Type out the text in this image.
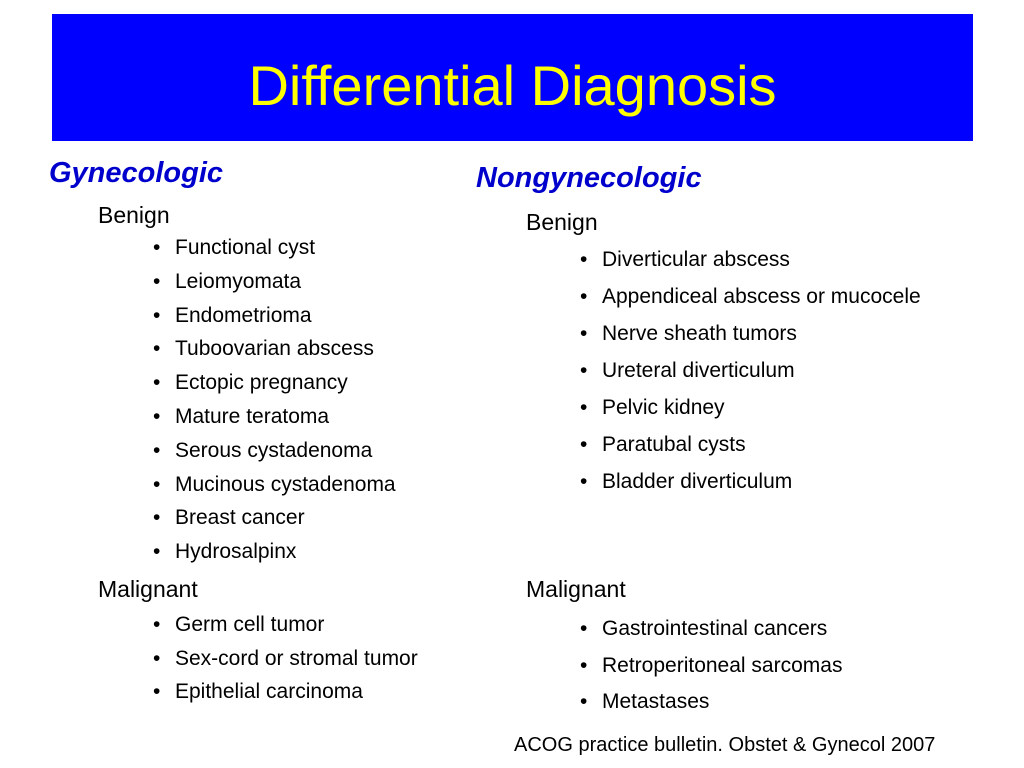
Differential Diagnosis
Gynecologic
Benign
• Functional cyst
• Leiomyomata
• Endometrioma
• Tuboovarian abscess
• Ectopic pregnancy
• Mature teratoma
• Serous cystadenoma
• Mucinous cystadenoma
• Breast cancer
• Hydrosalpinx
Malignant
• Germ cell tumor
• Sex-cord or stromal tumor
• Epithelial carcinoma
Nongynecologic
Benign
• Diverticular abscess
• Appendiceal abscess or mucocele
• Nerve sheath tumors
• Ureteral diverticulum
• Pelvic kidney
• Paratubal cysts
• Bladder diverticulum
Malignant
• Gastrointestinal cancers
• Retroperitoneal sarcomas
• Metastases
ACOG practice bulletin. Obstet & Gynecol 2007
